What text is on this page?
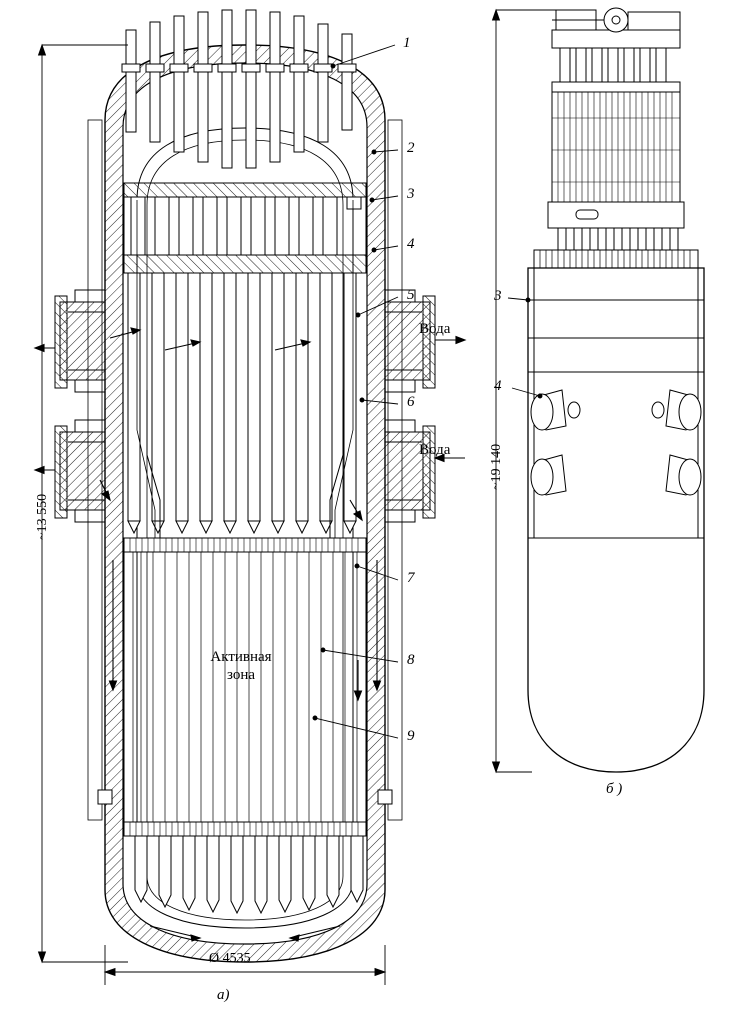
1
2
3
4
5
6
7
8
9
3
4
Вода
Вода
Активная
зона
~13 550
Ø 4535
~19 140
а)
б )
